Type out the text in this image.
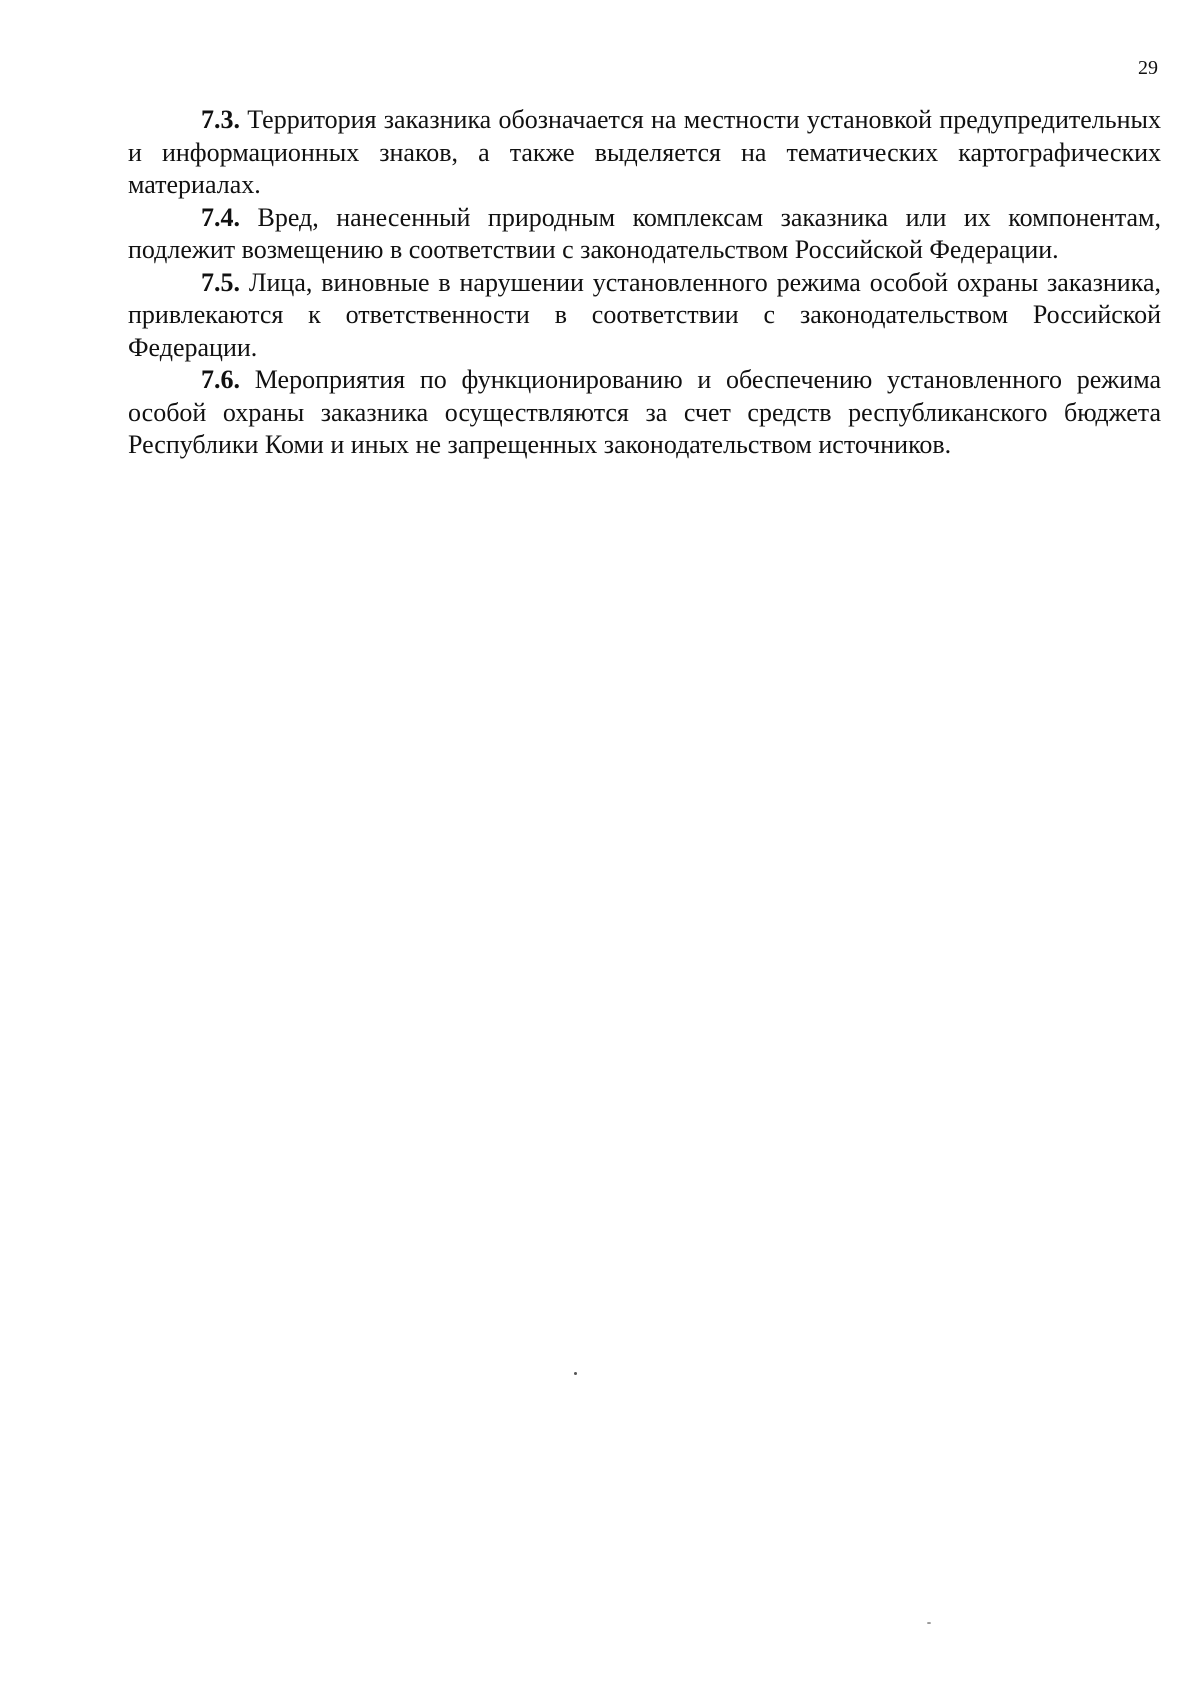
29

7.3. Территория заказника обозначается на местности установкой предупредительных и информационных знаков, а также выделяется на тематических картографических материалах.

7.4. Вред, нанесенный природным комплексам заказника или их компонентам, подлежит возмещению в соответствии с законодательством Российской Федерации.

7.5. Лица, виновные в нарушении установленного режима особой охраны заказника, привлекаются к ответственности в соответствии с законодательством Российской Федерации.

7.6. Мероприятия по функционированию и обеспечению установленного режима особой охраны заказника осуществляются за счет средств республиканского бюджета Республики Коми и иных не запрещенных законодательством источников.
